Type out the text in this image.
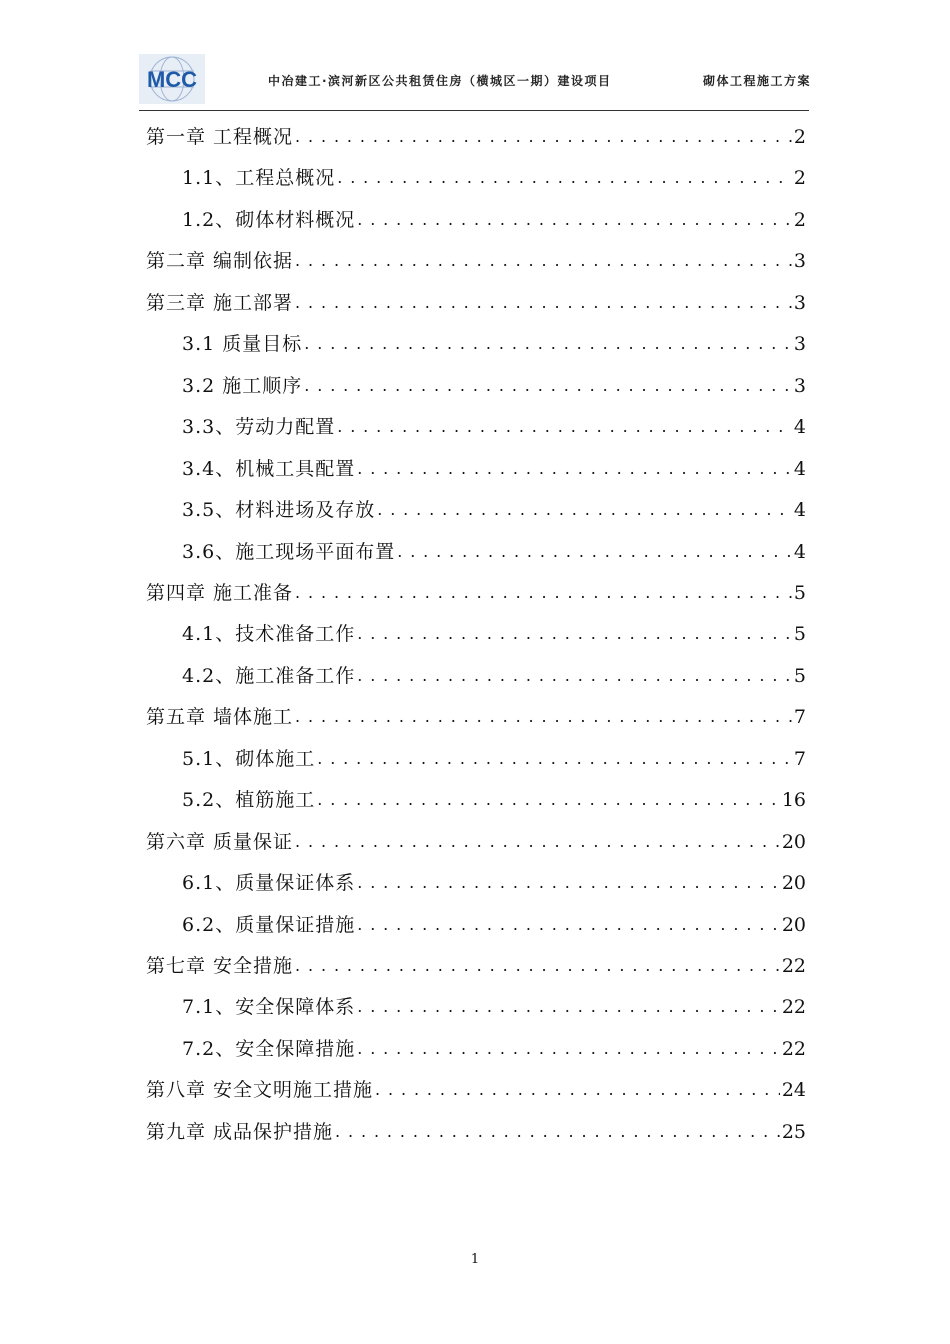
MCC	中冶建工·滨河新区公共租赁住房（横城区一期）建设项目	砌体工程施工方案
第一章 工程概况 . . .	2
1.1、工程总概况 . . .	2
1.2、砌体材料概况 . . .	2
第二章 编制依据 . . .	3
第三章 施工部署 . . .	3
3.1 质量目标 . . .	3
3.2 施工顺序 . . .	3
3.3、劳动力配置 . . .	4
3.4、机械工具配置 . . .	4
3.5、材料进场及存放 . . .	4
3.6、施工现场平面布置 . . .	4
第四章 施工准备 . . .	5
4.1、技术准备工作 . . .	5
4.2、施工准备工作 . . .	5
第五章 墙体施工 . . .	7
5.1、砌体施工 . . .	7
5.2、植筋施工 . . .	16
第六章 质量保证 . . .	20
6.1、质量保证体系 . . .	20
6.2、质量保证措施 . . .	20
第七章 安全措施 . . .	22
7.1、安全保障体系 . . .	22
7.2、安全保障措施 . . .	22
第八章 安全文明施工措施 . . .	24
第九章 成品保护措施 . . .	25
1
